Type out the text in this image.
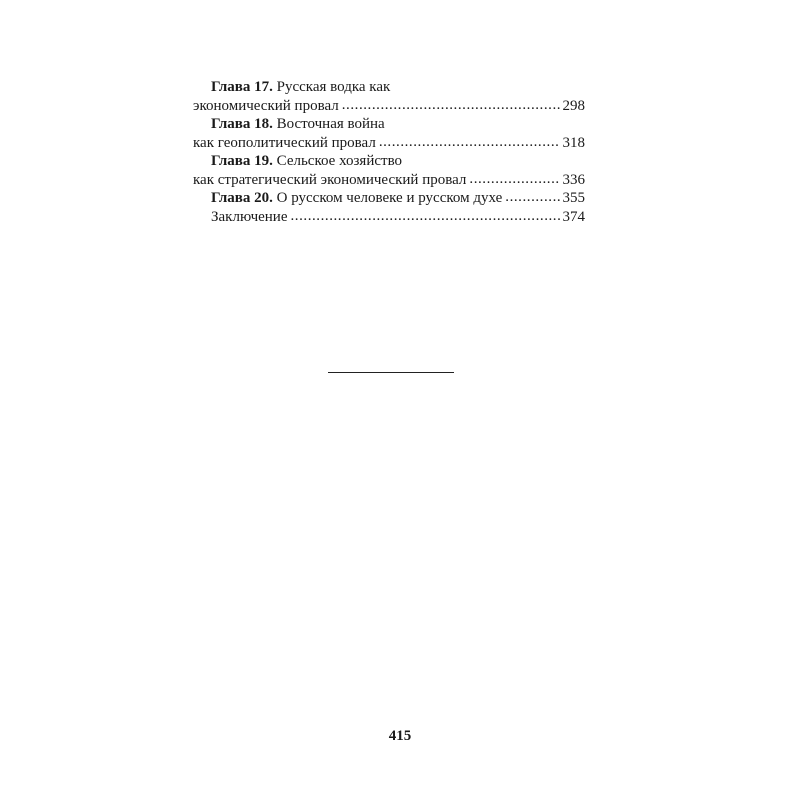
Глава 17. Русская водка как
экономический провал . . .	298
Глава 18. Восточная война
как геополитический провал . . .	318
Глава 19. Сельское хозяйство
как стратегический экономический провал . . .	336
Глава 20. О русском человеке и русском духе . . .	355
Заключение . . .	374
415
